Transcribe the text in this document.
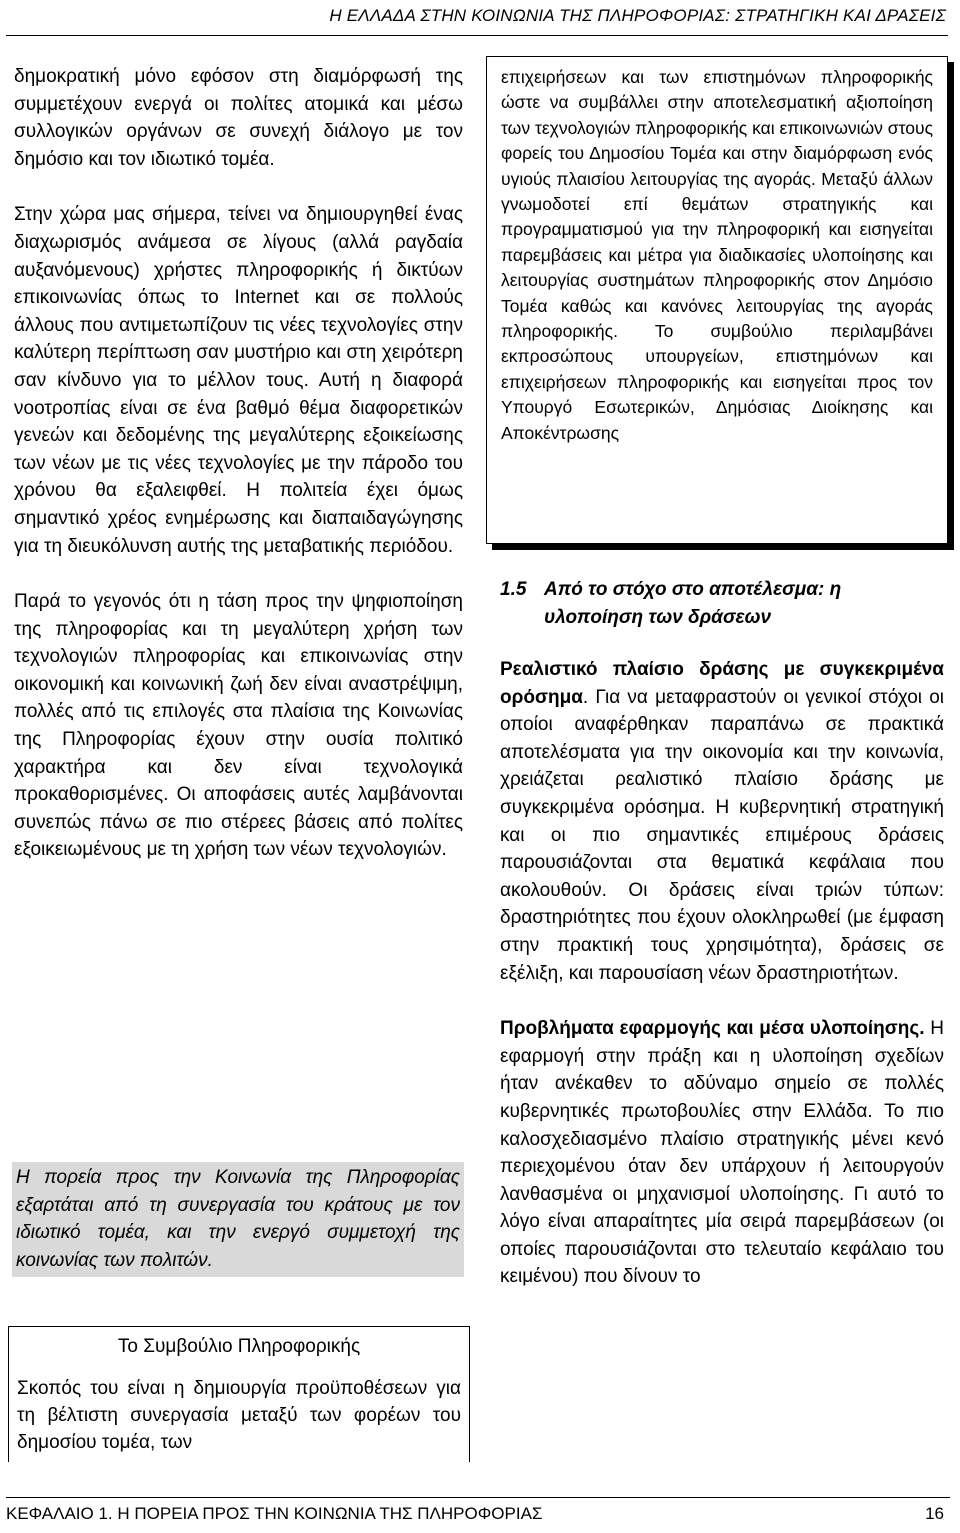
Η ΕΛΛΑΔΑ ΣΤΗΝ ΚΟΙΝΩΝΙΑ ΤΗΣ ΠΛΗΡΟΦΟΡΙΑΣ: ΣΤΡΑΤΗΓΙΚΗ ΚΑΙ ΔΡΑΣΕΙΣ

δημοκρατική μόνο εφόσον στη διαμόρφωσή της συμμετέχουν ενεργά οι πολίτες ατομικά και μέσω συλλογικών οργάνων σε συνεχή διάλογο με τον δημόσιο και τον ιδιωτικό τομέα.

Στην χώρα μας σήμερα, τείνει να δημιουργηθεί ένας διαχωρισμός ανάμεσα σε λίγους (αλλά ραγδαία αυξανόμενους) χρήστες πληροφορικής ή δικτύων επικοινωνίας όπως το Internet και σε πολλούς άλλους που αντιμετωπίζουν τις νέες τεχνολογίες στην καλύτερη περίπτωση σαν μυστήριο και στη χειρότερη σαν κίνδυνο για το μέλλον τους. Αυτή η διαφορά νοοτροπίας είναι σε ένα βαθμό θέμα διαφορετικών γενεών και δεδομένης της μεγαλύτερης εξοικείωσης των νέων με τις νέες τεχνολογίες με την πάροδο του χρόνου θα εξαλειφθεί. Η πολιτεία έχει όμως σημαντικό χρέος ενημέρωσης και διαπαιδαγώγησης για τη διευκόλυνση αυτής της μεταβατικής περιόδου.

Παρά το γεγονός ότι η τάση προς την ψηφιοποίηση της πληροφορίας και τη μεγαλύτερη χρήση των τεχνολογιών πληροφορίας και επικοινωνίας στην οικονομική και κοινωνική ζωή δεν είναι αναστρέψιμη, πολλές από τις επιλογές στα πλαίσια της Κοινωνίας της Πληροφορίας έχουν στην ουσία πολιτικό χαρακτήρα και δεν είναι τεχνολογικά προκαθορισμένες. Οι αποφάσεις αυτές λαμβάνονται συνεπώς πάνω σε πιο στέρεες βάσεις από πολίτες εξοικειωμένους με τη χρήση των νέων τεχνολογιών.

Η πορεία προς την Κοινωνία της Πληροφορίας εξαρτάται από τη συνεργασία του κράτους με τον ιδιωτικό τομέα, και την ενεργό συμμετοχή της κοινωνίας των πολιτών.

Το Συμβούλιο Πληροφορικής

Σκοπός του είναι η δημιουργία προϋποθέσεων για τη βέλτιστη συνεργασία μεταξύ των φορέων του δημοσίου τομέα, των

επιχειρήσεων και των επιστημόνων πληροφορικής ώστε να συμβάλλει στην αποτελεσματική αξιοποίηση των τεχνολογιών πληροφορικής και επικοινωνιών στους φορείς του Δημοσίου Τομέα και στην διαμόρφωση ενός υγιούς πλαισίου λειτουργίας της αγοράς. Μεταξύ άλλων γνωμοδοτεί επί θεμάτων στρατηγικής και προγραμματισμού για την πληροφορική και εισηγείται παρεμβάσεις και μέτρα για διαδικασίες υλοποίησης και λειτουργίας συστημάτων πληροφορικής στον Δημόσιο Τομέα καθώς και κανόνες λειτουργίας της αγοράς πληροφορικής. Το συμβούλιο περιλαμβάνει εκπροσώπους υπουργείων, επιστημόνων και επιχειρήσεων πληροφορικής και εισηγείται προς τον Υπουργό Εσωτερικών, Δημόσιας Διοίκησης και Αποκέντρωσης

1.5 Από το στόχο στο αποτέλεσμα: η
υλοποίηση των δράσεων

Ρεαλιστικό πλαίσιο δράσης με συγκεκριμένα ορόσημα. Για να μεταφραστούν οι γενικοί στόχοι οι οποίοι αναφέρθηκαν παραπάνω σε πρακτικά αποτελέσματα για την οικονομία και την κοινωνία, χρειάζεται ρεαλιστικό πλαίσιο δράσης με συγκεκριμένα ορόσημα. Η κυβερνητική στρατηγική και οι πιο σημαντικές επιμέρους δράσεις παρουσιάζονται στα θεματικά κεφάλαια που ακολουθούν. Οι δράσεις είναι τριών τύπων: δραστηριότητες που έχουν ολοκληρωθεί (με έμφαση στην πρακτική τους χρησιμότητα), δράσεις σε εξέλιξη, και παρουσίαση νέων δραστηριοτήτων.

Προβλήματα εφαρμογής και μέσα υλοποίησης. Η εφαρμογή στην πράξη και η υλοποίηση σχεδίων ήταν ανέκαθεν το αδύναμο σημείο σε πολλές κυβερνητικές πρωτοβουλίες στην Ελλάδα. Το πιο καλοσχεδιασμένο πλαίσιο στρατηγικής μένει κενό περιεχομένου όταν δεν υπάρχουν ή λειτουργούν λανθασμένα οι μηχανισμοί υλοποίησης. Γι αυτό το λόγο είναι απαραίτητες μία σειρά παρεμβάσεων (οι οποίες παρουσιάζονται στο τελευταίο κεφάλαιο του κειμένου) που δίνουν το

ΚΕΦΑΛΑΙΟ 1. Η ΠΟΡΕΙΑ ΠΡΟΣ ΤΗΝ ΚΟΙΝΩΝΙΑ ΤΗΣ ΠΛΗΡΟΦΟΡΙΑΣ	16
